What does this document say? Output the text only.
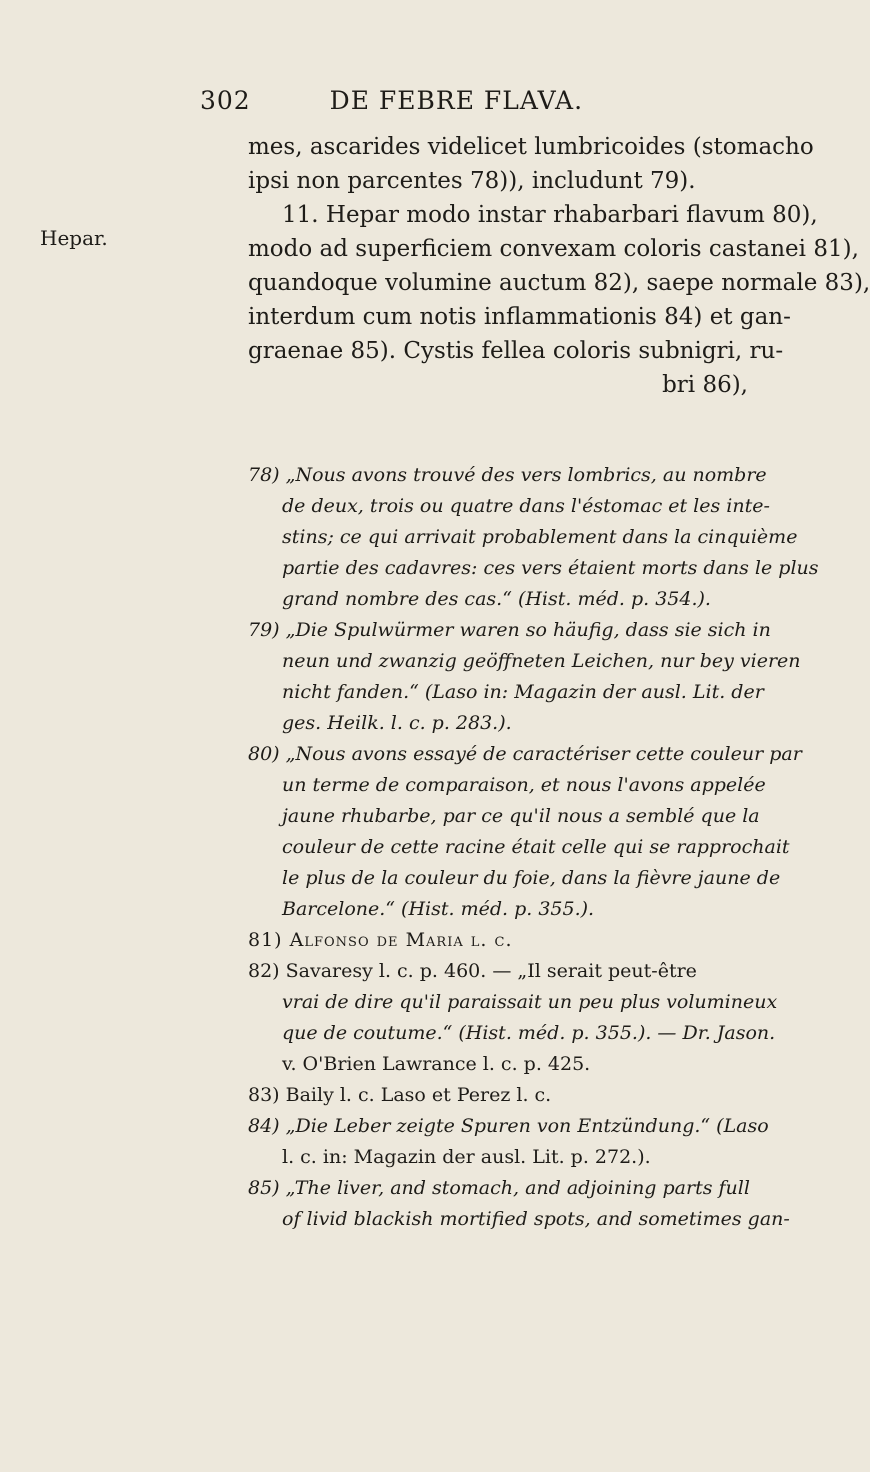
302	DE FEBRE FLAVA.
Hepar.
mes, ascarides videlicet lumbricoides (stomacho
ipsi non parcentes 78)), includunt 79).
11. Hepar modo instar rhabarbari flavum 80),
modo ad superficiem convexam coloris castanei 81),
quandoque volumine auctum 82), saepe normale 83),
interdum cum notis inflammationis 84) et gan-
graenae 85). Cystis fellea coloris subnigri, ru-
bri 86),
78) „Nous avons trouvé des vers lombrics, au nombre
de deux, trois ou quatre dans l'éstomac et les inte-
stins; ce qui arrivait probablement dans la cinquième
partie des cadavres: ces vers étaient morts dans le plus
grand nombre des cas.“ (Hist. méd. p. 354.).
79) „Die Spulwürmer waren so häufig, dass sie sich in
neun und zwanzig geöffneten Leichen, nur bey vieren
nicht fanden.“ (Laso in: Magazin der ausl. Lit. der
ges. Heilk. l. c. p. 283.).
80) „Nous avons essayé de caractériser cette couleur par
un terme de comparaison, et nous l'avons appelée
jaune rhubarbe, par ce qu'il nous a semblé que la
couleur de cette racine était celle qui se rapprochait
le plus de la couleur du foie, dans la fièvre jaune de
Barcelone.“ (Hist. méd. p. 355.).
81) Alfonso de Maria l. c.
82) Savaresy l. c. p. 460. — „Il serait peut-être
vrai de dire qu'il paraissait un peu plus volumineux
que de coutume.“ (Hist. méd. p. 355.). — Dr. Jason.
v. O'Brien Lawrance l. c. p. 425.
83) Baily l. c. Laso et Perez l. c.
84) „Die Leber zeigte Spuren von Entzündung.“ (Laso
l. c. in: Magazin der ausl. Lit. p. 272.).
85) „The liver, and stomach, and adjoining parts full
of livid blackish mortified spots, and sometimes gan-
